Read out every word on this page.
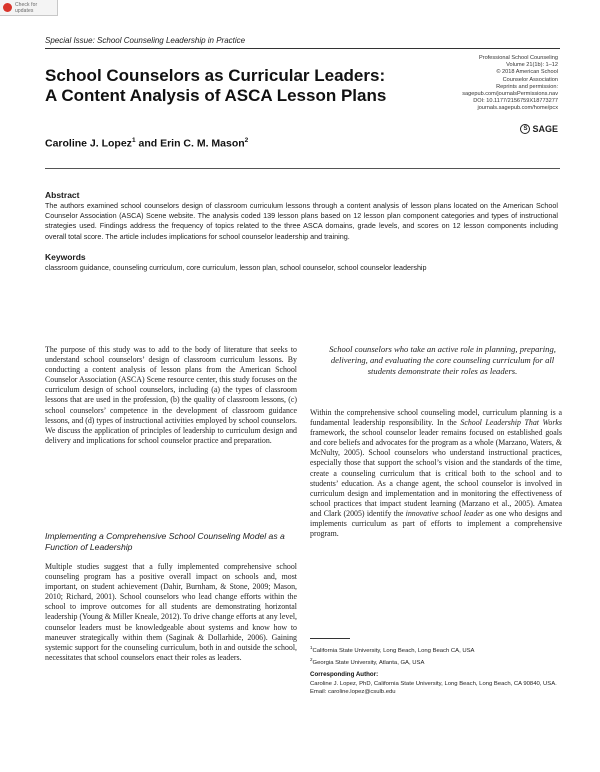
Check for updates
Special Issue: School Counseling Leadership in Practice
School Counselors as Curricular Leaders:
A Content Analysis of ASCA Lesson Plans
Professional School Counseling
Volume 21(1b): 1–12
© 2018 American School
Counselor Association
Reprints and permission:
sagepub.com/journalsPermissions.nav
DOI: 10.1177/2156759X18773277
journals.sagepub.com/home/pcx
S SAGE
Caroline J. Lopez$^1$ and Erin C. M. Mason$^2$
Abstract
The authors examined school counselors design of classroom curriculum lessons through a content analysis of lesson plans located on the American School Counselor Association (ASCA) Scene website. The analysis coded 139 lesson plans based on 12 lesson plan component categories and types of instructional strategies used. Findings address the frequency of topics related to the three ASCA domains, grade levels, and scores on 12 lesson components including overall total score. The article includes implications for school counselor leadership and training.
Keywords
classroom guidance, counseling curriculum, core curriculum, lesson plan, school counselor, school counselor leadership
The purpose of this study was to add to the body of literature that seeks to understand school counselors’ design of classroom curriculum lessons. By conducting a content analysis of lesson plans from the American School Counselor Association (ASCA) Scene resource center, this study focuses on the curriculum design of school counselors, including (a) the types of classroom lessons that are used in the profession, (b) the quality of classroom lessons, (c) school counselors’ competence in the development of classroom guidance lessons, and (d) types of instructional activities employed by school counselors. We discuss the application of principles of leadership to curriculum design and delivery and implications for school counselor practice and preparation.
Implementing a Comprehensive School Counseling Model as a Function of Leadership
Multiple studies suggest that a fully implemented comprehensive school counseling program has a positive overall impact on schools and, most important, on student achievement (Dahir, Burnham, & Stone, 2009; Mason, 2010; Richard, 2001). School counselors who lead change efforts within the school to improve outcomes for all students are demonstrating horizontal leadership (Young & Miller Kneale, 2012). To drive change efforts at any level, counselor leaders must be knowledgeable about systems and know how to maneuver strategically within them (Saginak & Dollarhide, 2006). Gaining systemic support for the counseling curriculum, both in and outside the school, necessitates that school counselors enact their roles as leaders.
School counselors who take an active role in planning, preparing, delivering, and evaluating the core counseling curriculum for all students demonstrate their roles as leaders.
Within the comprehensive school counseling model, curriculum planning is a fundamental leadership responsibility. In the School Leadership That Works framework, the school counselor leader remains focused on established goals and core beliefs and advocates for the program as a whole (Marzano, Waters, & McNulty, 2005). School counselors who understand instructional practices, especially those that support the school’s vision and the standards of the time, create a counseling curriculum that is critical both to the school and to students’ education. As a change agent, the school counselor is involved in curriculum design and implementation and in monitoring the effectiveness of school practices that impact student learning (Marzano et al., 2005). Amatea and Clark (2005) identify the innovative school leader as one who designs and implements curriculum as part of efforts to implement a comprehensive program.
$^1$California State University, Long Beach, Long Beach CA, USA
$^2$Georgia State University, Atlanta, GA, USA
Corresponding Author:
Caroline J. Lopez, PhD, California State University, Long Beach, Long Beach, CA 90840, USA.
Email: caroline.lopez@csulb.edu
